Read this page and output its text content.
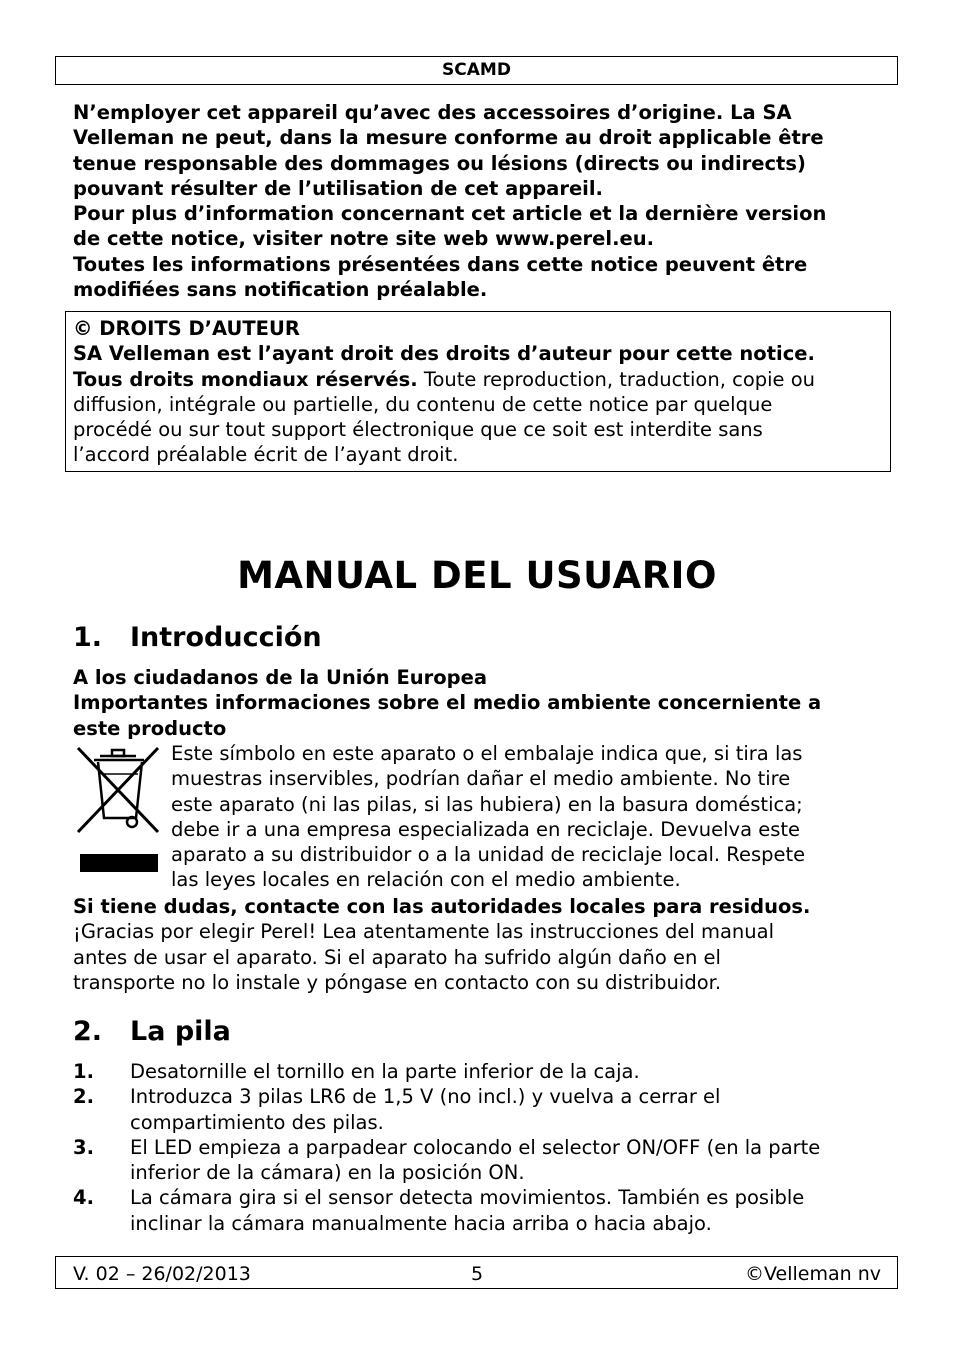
SCAMD

N’employer cet appareil qu’avec des accessoires d’origine. La SA

Velleman ne peut, dans la mesure conforme au droit applicable être

tenue responsable des dommages ou lésions (directs ou indirects)

pouvant résulter de l’utilisation de cet appareil.

Pour plus d’information concernant cet article et la dernière version

de cette notice, visiter notre site web www.perel.eu.

Toutes les informations présentées dans cette notice peuvent être

modifiées sans notification préalable.

© DROITS D’AUTEUR

SA Velleman est l’ayant droit des droits d’auteur pour cette notice.

Tous droits mondiaux réservés. Toute reproduction, traduction, copie ou

diffusion, intégrale ou partielle, du contenu de cette notice par quelque

procédé ou sur tout support électronique que ce soit est interdite sans

l’accord préalable écrit de l’ayant droit.

MANUAL DEL USUARIO
1. Introducción

A los ciudadanos de la Unión Europea

Importantes informaciones sobre el medio ambiente concerniente a

este producto

Este símbolo en este aparato o el embalaje indica que, si tira las

muestras inservibles, podrían dañar el medio ambiente. No tire

este aparato (ni las pilas, si las hubiera) en la basura doméstica;

debe ir a una empresa especializada en reciclaje. Devuelva este

aparato a su distribuidor o a la unidad de reciclaje local. Respete

las leyes locales en relación con el medio ambiente.

Si tiene dudas, contacte con las autoridades locales para residuos.

¡Gracias por elegir Perel! Lea atentamente las instrucciones del manual

antes de usar el aparato. Si el aparato ha sufrido algún daño en el

transporte no lo instale y póngase en contacto con su distribuidor.

2. La pila
1.	Desatornille el tornillo en la parte inferior de la caja.
2.	Introduzca 3 pilas LR6 de 1,5 V (no incl.) y vuelva a cerrar el
compartimiento des pilas.
3.	El LED empieza a parpadear colocando el selector ON/OFF (en la parte
inferior de la cámara) en la posición ON.
4.	La cámara gira si el sensor detecta movimientos. También es posible
inclinar la cámara manualmente hacia arriba o hacia abajo.
V. 02 – 26/02/2013	5	©Velleman nv
